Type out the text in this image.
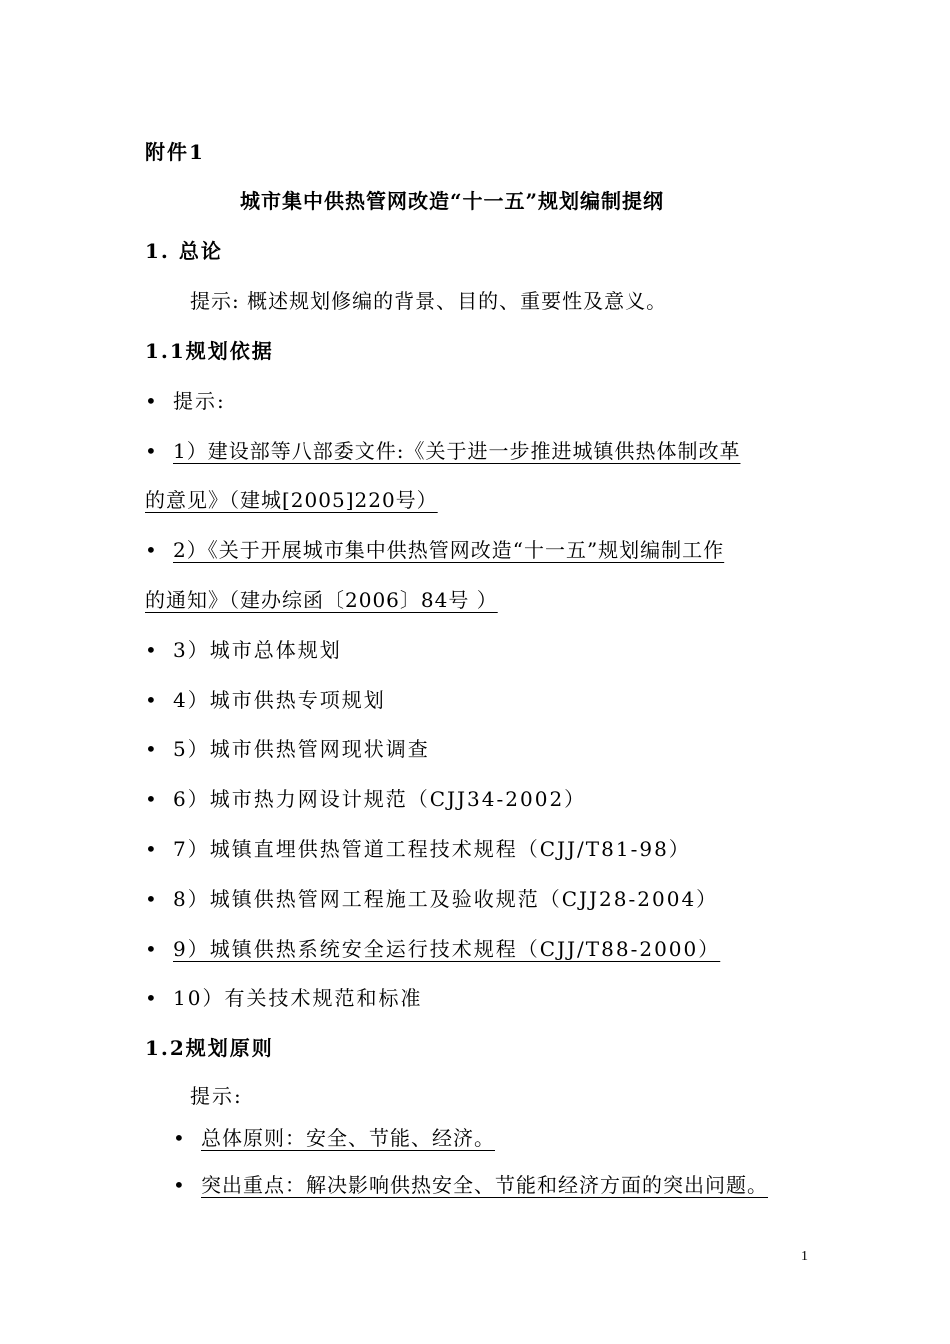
附件1
城市集中供热管网改造“十一五”规划编制提纲
1. 总论
提示: 概述规划修编的背景、目的、重要性及意义。
1.1规划依据
• 提示:
• 1）建设部等八部委文件:《关于进一步推进城镇供热体制改革
的意见》（建城[2005]220号）
• 2）《关于开展城市集中供热管网改造“十一五”规划编制工作
的通知》（建办综函〔2006〕84号 ）
• 3）城市总体规划
• 4）城市供热专项规划
• 5）城市供热管网现状调查
• 6）城市热力网设计规范（CJJ34-2002）
• 7）城镇直埋供热管道工程技术规程（CJJ/T81-98）
• 8）城镇供热管网工程施工及验收规范（CJJ28-2004）
• 9）城镇供热系统安全运行技术规程（CJJ/T88-2000）
• 10）有关技术规范和标准
1.2规划原则
提示:
• 总体原则：安全、节能、经济。
• 突出重点：解决影响供热安全、节能和经济方面的突出问题。
1
